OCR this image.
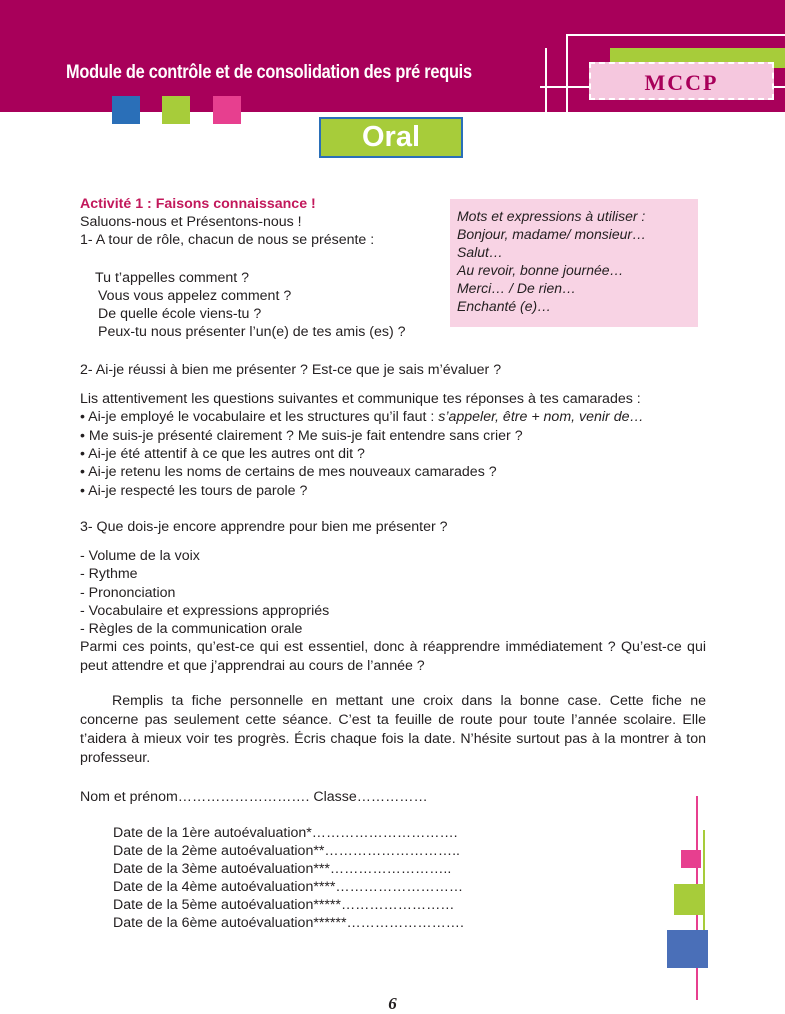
MCCP
Module de contrôle et de consolidation des pré requis
Oral
Activité 1 : Faisons connaissance !
Saluons-nous et Présentons-nous !
1- A tour de rôle, chacun de nous se présente :
Tu t’appelles comment ?
Vous vous appelez comment ?
De quelle école viens-tu ?
Peux-tu nous présenter l’un(e) de tes amis (es) ?
Mots et expressions à utiliser :
Bonjour, madame/ monsieur…
Salut…
Au revoir, bonne journée…
Merci… / De rien…
Enchanté (e)…
2- Ai-je réussi à bien me présenter ? Est-ce que je sais m’évaluer ?
Lis attentivement les questions suivantes et communique tes réponses à tes camarades :
• Ai-je employé le vocabulaire et les structures qu’il faut : s’appeler, être + nom, venir de…
• Me suis-je présenté clairement ? Me suis-je fait entendre sans crier ?
• Ai-je été attentif à ce que les autres ont dit ?
• Ai-je retenu les noms de certains de mes nouveaux camarades ?
• Ai-je respecté les tours de parole ?
3- Que dois-je encore apprendre pour bien me présenter ?
- Volume de la voix
- Rythme
- Prononciation
- Vocabulaire et expressions appropriés
- Règles de la communication orale
Parmi ces points, qu’est-ce qui est essentiel, donc à réapprendre immédiatement ? Qu’est-ce qui peut attendre et que j’apprendrai au cours de l’année ?
Remplis ta fiche personnelle en mettant une croix dans la bonne case. Cette fiche ne concerne pas seulement cette séance. C’est ta feuille de route pour toute l’année scolaire. Elle t’aidera à mieux voir tes progrès. Écris chaque fois la date. N’hésite surtout pas à la montrer à ton professeur.
Nom et prénom………………………. Classe……………
Date de la 1ère autoévaluation*………………………….
Date de la 2ème autoévaluation**………………………..
Date de la 3ème autoévaluation***……………………..
Date de la 4ème autoévaluation****………………………
Date de la 5ème autoévaluation*****……………………
Date de la 6ème autoévaluation******…………………….
6
